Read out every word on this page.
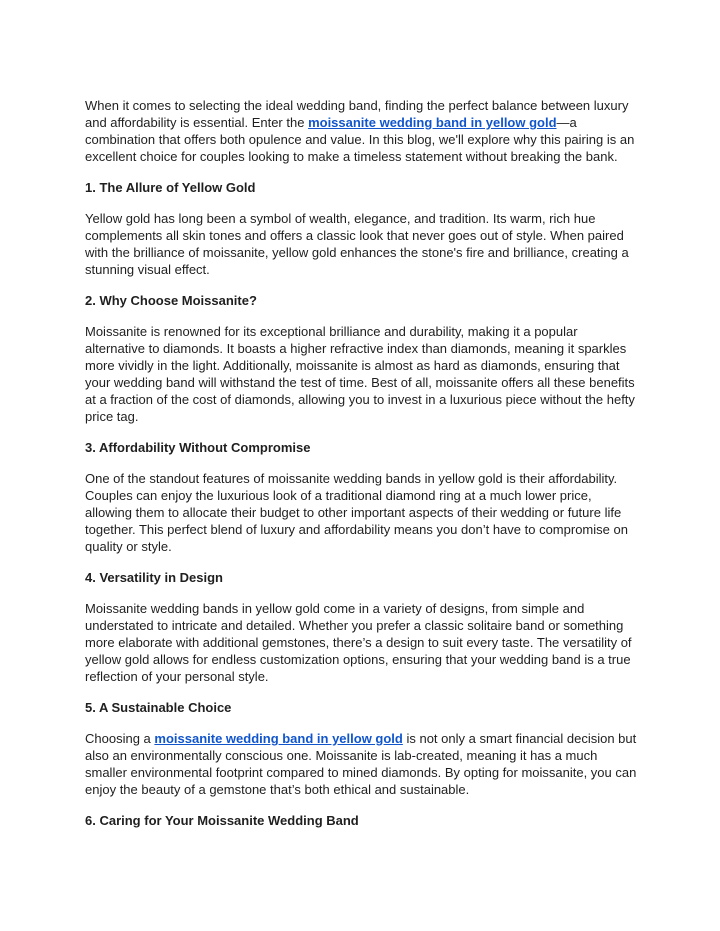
When it comes to selecting the ideal wedding band, finding the perfect balance between luxury and affordability is essential. Enter the moissanite wedding band in yellow gold—a combination that offers both opulence and value. In this blog, we'll explore why this pairing is an excellent choice for couples looking to make a timeless statement without breaking the bank.

1. The Allure of Yellow Gold

Yellow gold has long been a symbol of wealth, elegance, and tradition. Its warm, rich hue complements all skin tones and offers a classic look that never goes out of style. When paired with the brilliance of moissanite, yellow gold enhances the stone's fire and brilliance, creating a stunning visual effect.

2. Why Choose Moissanite?

Moissanite is renowned for its exceptional brilliance and durability, making it a popular alternative to diamonds. It boasts a higher refractive index than diamonds, meaning it sparkles more vividly in the light. Additionally, moissanite is almost as hard as diamonds, ensuring that your wedding band will withstand the test of time. Best of all, moissanite offers all these benefits at a fraction of the cost of diamonds, allowing you to invest in a luxurious piece without the hefty price tag.

3. Affordability Without Compromise

One of the standout features of moissanite wedding bands in yellow gold is their affordability. Couples can enjoy the luxurious look of a traditional diamond ring at a much lower price, allowing them to allocate their budget to other important aspects of their wedding or future life together. This perfect blend of luxury and affordability means you don’t have to compromise on quality or style.

4. Versatility in Design

Moissanite wedding bands in yellow gold come in a variety of designs, from simple and understated to intricate and detailed. Whether you prefer a classic solitaire band or something more elaborate with additional gemstones, there’s a design to suit every taste. The versatility of yellow gold allows for endless customization options, ensuring that your wedding band is a true reflection of your personal style.

5. A Sustainable Choice

Choosing a moissanite wedding band in yellow gold is not only a smart financial decision but also an environmentally conscious one. Moissanite is lab-created, meaning it has a much smaller environmental footprint compared to mined diamonds. By opting for moissanite, you can enjoy the beauty of a gemstone that’s both ethical and sustainable.

6. Caring for Your Moissanite Wedding Band
